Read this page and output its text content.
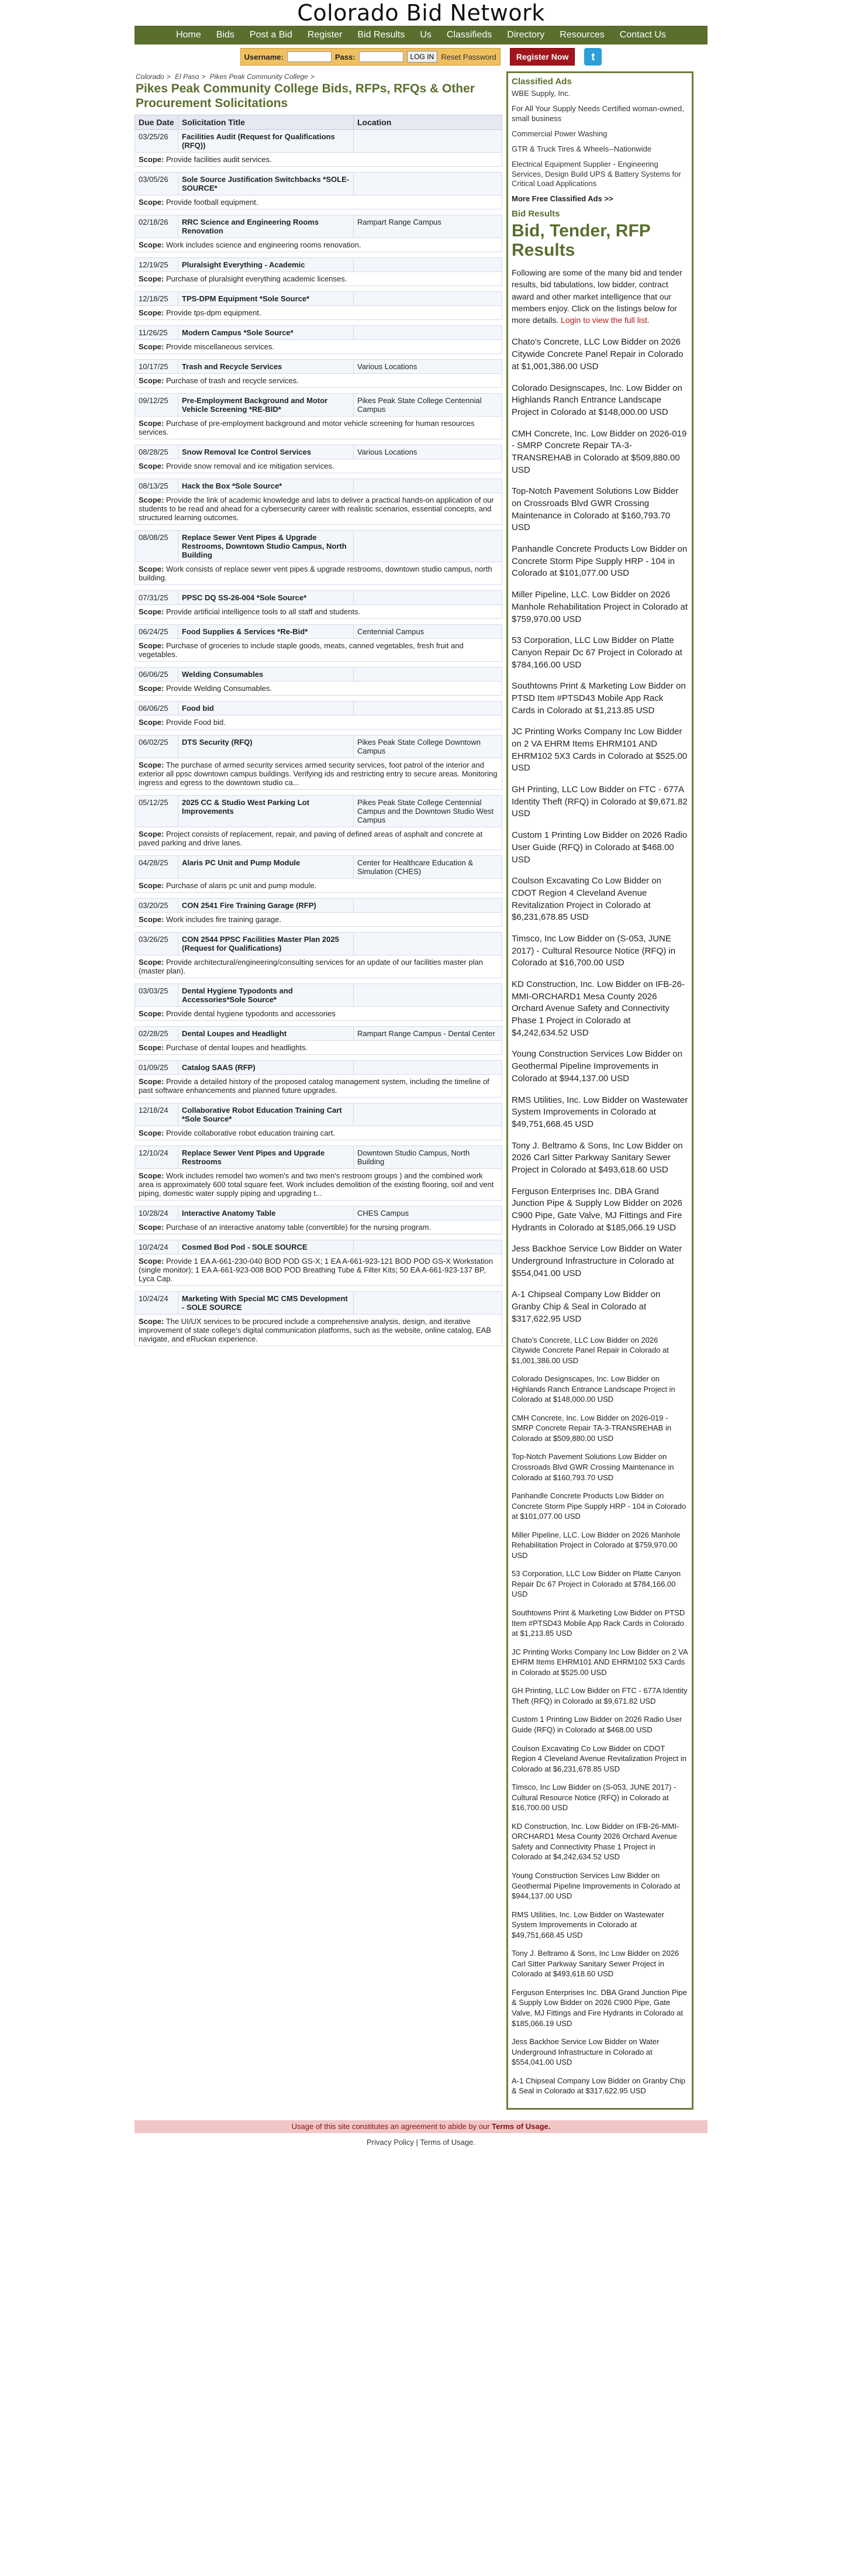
Colorado Bid Network
Home	Bids	Post a Bid	Register	Bid Results	Us	Classifieds	Directory	Resources	Contact Us
Username:	Pass:	LOG IN Reset Password	Register Now	t
Colorado > El Paso > Pikes Peak Community College >
Pikes Peak Community College Bids, RFPs, RFQs & Other Procurement Solicitations
Due Date	Solicitation Title	Location
03/25/26	Facilities Audit (Request for Qualifications (RFQ))	
Scope: Provide facilities audit services.		

03/05/26	Sole Source Justification Switchbacks *SOLE-SOURCE*	
Scope: Provide football equipment.		

02/18/26	RRC Science and Engineering Rooms Renovation	Rampart Range Campus
Scope: Work includes science and engineering rooms renovation.		

12/19/25	Pluralsight Everything - Academic	
Scope: Purchase of pluralsight everything academic licenses.		

12/18/25	TPS-DPM Equipment *Sole Source*	
Scope: Provide tps-dpm equipment.		

11/26/25	Modern Campus *Sole Source*	
Scope: Provide miscellaneous services.		

10/17/25	Trash and Recycle Services	Various Locations
Scope: Purchase of trash and recycle services.		

09/12/25	Pre-Employment Background and Motor Vehicle Screening *RE-BID*	Pikes Peak State College Centennial Campus
Scope: Purchase of pre-employment background and motor vehicle screening for human resources services.		

08/28/25	Snow Removal Ice Control Services	Various Locations
Scope: Provide snow removal and ice mitigation services.		

08/13/25	Hack the Box *Sole Source*	
Scope: Provide the link of academic knowledge and labs to deliver a practical hands-on application of our students to be read and ahead for a cybersecurity career with realistic scenarios, essential concepts, and structured learning outcomes.		

08/08/25	Replace Sewer Vent Pipes & Upgrade Restrooms, Downtown Studio Campus, North Building	
Scope: Work consists of replace sewer vent pipes & upgrade restrooms, downtown studio campus, north building.		

07/31/25	PPSC DQ SS-26-004 *Sole Source*	
Scope: Provide artificial intelligence tools to all staff and students.		

06/24/25	Food Supplies & Services *Re-Bid*	Centennial Campus
Scope: Purchase of groceries to include staple goods, meats, canned vegetables, fresh fruit and vegetables.		

06/06/25	Welding Consumables	
Scope: Provide Welding Consumables.		

06/06/25	Food bid	
Scope: Provide Food bid.		

06/02/25	DTS Security (RFQ)	Pikes Peak State College Downtown Campus
Scope: The purchase of armed security services armed security services, foot patrol of the interior and exterior all ppsc downtown campus buildings. Verifying ids and restricting entry to secure areas. Monitoring ingress and egress to the downtown studio ca...		

05/12/25	2025 CC & Studio West Parking Lot Improvements	Pikes Peak State College Centennial Campus and the Downtown Studio West Campus
Scope: Project consists of replacement, repair, and paving of defined areas of asphalt and concrete at paved parking and drive lanes.		

04/28/25	Alaris PC Unit and Pump Module	Center for Healthcare Education & Simulation (CHES)
Scope: Purchase of alaris pc unit and pump module.		

03/20/25	CON 2541 Fire Training Garage (RFP)	
Scope: Work includes fire training garage.		

03/26/25	CON 2544 PPSC Facilities Master Plan 2025 (Request for Qualifications)	
Scope: Provide architectural/engineering/consulting services for an update of our facilities master plan (master plan).		

03/03/25	Dental Hygiene Typodonts and Accessories*Sole Source*	
Scope: Provide dental hygiene typodonts and accessories		

02/28/25	Dental Loupes and Headlight	Rampart Range Campus - Dental Center
Scope: Purchase of dental loupes and headlights.		

01/09/25	Catalog SAAS (RFP)	
Scope: Provide a detailed history of the proposed catalog management system, including the timeline of past software enhancements and planned future upgrades.		

12/18/24	Collaborative Robot Education Training Cart *Sole Source*	
Scope: Provide collaborative robot education training cart.		

12/10/24	Replace Sewer Vent Pipes and Upgrade Restrooms	Downtown Studio Campus, North Building
Scope: Work includes remodel two women's and two men's restroom groups ) and the combined work area is approximately 600 total square feet. Work includes demolition of the existing flooring, soil and vent piping, domestic water supply piping and upgrading t...		

10/28/24	Interactive Anatomy Table	CHES Campus
Scope: Purchase of an interactive anatomy table (convertible) for the nursing program.		

10/24/24	Cosmed Bod Pod - SOLE SOURCE	
Scope: Provide 1 EA A-661-230-040 BOD POD GS-X; 1 EA A-661-923-121 BOD POD GS-X Workstation (single monitor); 1 EA A-661-923-008 BOD POD Breathing Tube & Filter Kits; 50 EA A-661-923-137 BP, Lyca Cap.		

10/24/24	Marketing With Special MC CMS Development - SOLE SOURCE	
Scope: The UI/UX services to be procured include a comprehensive analysis, design, and iterative improvement of state college's digital communication platforms, such as the website, online catalog, EAB navigate, and eRuckan experience.		

Classified Ads
WBE Supply, Inc.
For All Your Supply Needs Certified woman-owned, small business
Commercial Power Washing
GTR & Truck Tires & Wheels--Nationwide
Electrical Equipment Supplier - Engineering Services, Design Build UPS & Battery Systems for Critical Load Applications
More Free Classified Ads >>
Bid Results
Bid, Tender, RFP Results
Following are some of the many bid and tender results, bid tabulations, low bidder, contract award and other market intelligence that our members enjoy. Click on the listings below for more details. Login to view the full list.
Chato's Concrete, LLC Low Bidder on 2026 Citywide Concrete Panel Repair in Colorado at $1,001,386.00 USD
Colorado Designscapes, Inc. Low Bidder on Highlands Ranch Entrance Landscape Project in Colorado at $148,000.00 USD
CMH Concrete, Inc. Low Bidder on 2026-019 - SMRP Concrete Repair TA-3-TRANSREHAB in Colorado at $509,880.00 USD
Top-Notch Pavement Solutions Low Bidder on Crossroads Blvd GWR Crossing Maintenance in Colorado at $160,793.70 USD
Panhandle Concrete Products Low Bidder on Concrete Storm Pipe Supply HRP - 104 in Colorado at $101,077.00 USD
Miller Pipeline, LLC. Low Bidder on 2026 Manhole Rehabilitation Project in Colorado at $759,970.00 USD
53 Corporation, LLC Low Bidder on Platte Canyon Repair Dc 67 Project in Colorado at $784,166.00 USD
Southtowns Print & Marketing Low Bidder on PTSD Item #PTSD43 Mobile App Rack Cards in Colorado at $1,213.85 USD
JC Printing Works Company Inc Low Bidder on 2 VA EHRM Items EHRM101 AND EHRM102 5X3 Cards in Colorado at $525.00 USD
GH Printing, LLC Low Bidder on FTC - 677A Identity Theft (RFQ) in Colorado at $9,671.82 USD
Custom 1 Printing Low Bidder on 2026 Radio User Guide (RFQ) in Colorado at $468.00 USD
Coulson Excavating Co Low Bidder on CDOT Region 4 Cleveland Avenue Revitalization Project in Colorado at $6,231,678.85 USD
Timsco, Inc Low Bidder on (S-053, JUNE 2017) - Cultural Resource Notice (RFQ) in Colorado at $16,700.00 USD
KD Construction, Inc. Low Bidder on IFB-26-MMI-ORCHARD1 Mesa County 2026 Orchard Avenue Safety and Connectivity Phase 1 Project in Colorado at $4,242,634.52 USD
Young Construction Services Low Bidder on Geothermal Pipeline Improvements in Colorado at $944,137.00 USD
RMS Utilities, Inc. Low Bidder on Wastewater System Improvements in Colorado at $49,751,668.45 USD
Tony J. Beltramo & Sons, Inc Low Bidder on 2026 Carl Sitter Parkway Sanitary Sewer Project in Colorado at $493,618.60 USD
Ferguson Enterprises Inc. DBA Grand Junction Pipe & Supply Low Bidder on 2026 C900 Pipe, Gate Valve, MJ Fittings and Fire Hydrants in Colorado at $185,066.19 USD
Jess Backhoe Service Low Bidder on Water Underground Infrastructure in Colorado at $554,041.00 USD
A-1 Chipseal Company Low Bidder on Granby Chip & Seal in Colorado at $317,622.95 USD
Chato's Concrete, LLC Low Bidder on 2026 Citywide Concrete Panel Repair in Colorado at $1,001,386.00 USD
Colorado Designscapes, Inc. Low Bidder on Highlands Ranch Entrance Landscape Project in Colorado at $148,000.00 USD
CMH Concrete, Inc. Low Bidder on 2026-019 - SMRP Concrete Repair TA-3-TRANSREHAB in Colorado at $509,880.00 USD
Top-Notch Pavement Solutions Low Bidder on Crossroads Blvd GWR Crossing Maintenance in Colorado at $160,793.70 USD
Panhandle Concrete Products Low Bidder on Concrete Storm Pipe Supply HRP - 104 in Colorado at $101,077.00 USD
Miller Pipeline, LLC. Low Bidder on 2026 Manhole Rehabilitation Project in Colorado at $759,970.00 USD
53 Corporation, LLC Low Bidder on Platte Canyon Repair Dc 67 Project in Colorado at $784,166.00 USD
Southtowns Print & Marketing Low Bidder on PTSD Item #PTSD43 Mobile App Rack Cards in Colorado at $1,213.85 USD
JC Printing Works Company Inc Low Bidder on 2 VA EHRM Items EHRM101 AND EHRM102 5X3 Cards in Colorado at $525.00 USD
GH Printing, LLC Low Bidder on FTC - 677A Identity Theft (RFQ) in Colorado at $9,671.82 USD
Custom 1 Printing Low Bidder on 2026 Radio User Guide (RFQ) in Colorado at $468.00 USD
Coulson Excavating Co Low Bidder on CDOT Region 4 Cleveland Avenue Revitalization Project in Colorado at $6,231,678.85 USD
Timsco, Inc Low Bidder on (S-053, JUNE 2017) - Cultural Resource Notice (RFQ) in Colorado at $16,700.00 USD
KD Construction, Inc. Low Bidder on IFB-26-MMI-ORCHARD1 Mesa County 2026 Orchard Avenue Safety and Connectivity Phase 1 Project in Colorado at $4,242,634.52 USD
Young Construction Services Low Bidder on Geothermal Pipeline Improvements in Colorado at $944,137.00 USD
RMS Utilities, Inc. Low Bidder on Wastewater System Improvements in Colorado at $49,751,668.45 USD
Tony J. Beltramo & Sons, Inc Low Bidder on 2026 Carl Sitter Parkway Sanitary Sewer Project in Colorado at $493,618.60 USD
Ferguson Enterprises Inc. DBA Grand Junction Pipe & Supply Low Bidder on 2026 C900 Pipe, Gate Valve, MJ Fittings and Fire Hydrants in Colorado at $185,066.19 USD
Jess Backhoe Service Low Bidder on Water Underground Infrastructure in Colorado at $554,041.00 USD
A-1 Chipseal Company Low Bidder on Granby Chip & Seal in Colorado at $317,622.95 USD
Usage of this site constitutes an agreement to abide by our Terms of Usage.
Privacy Policy | Terms of Usage.
